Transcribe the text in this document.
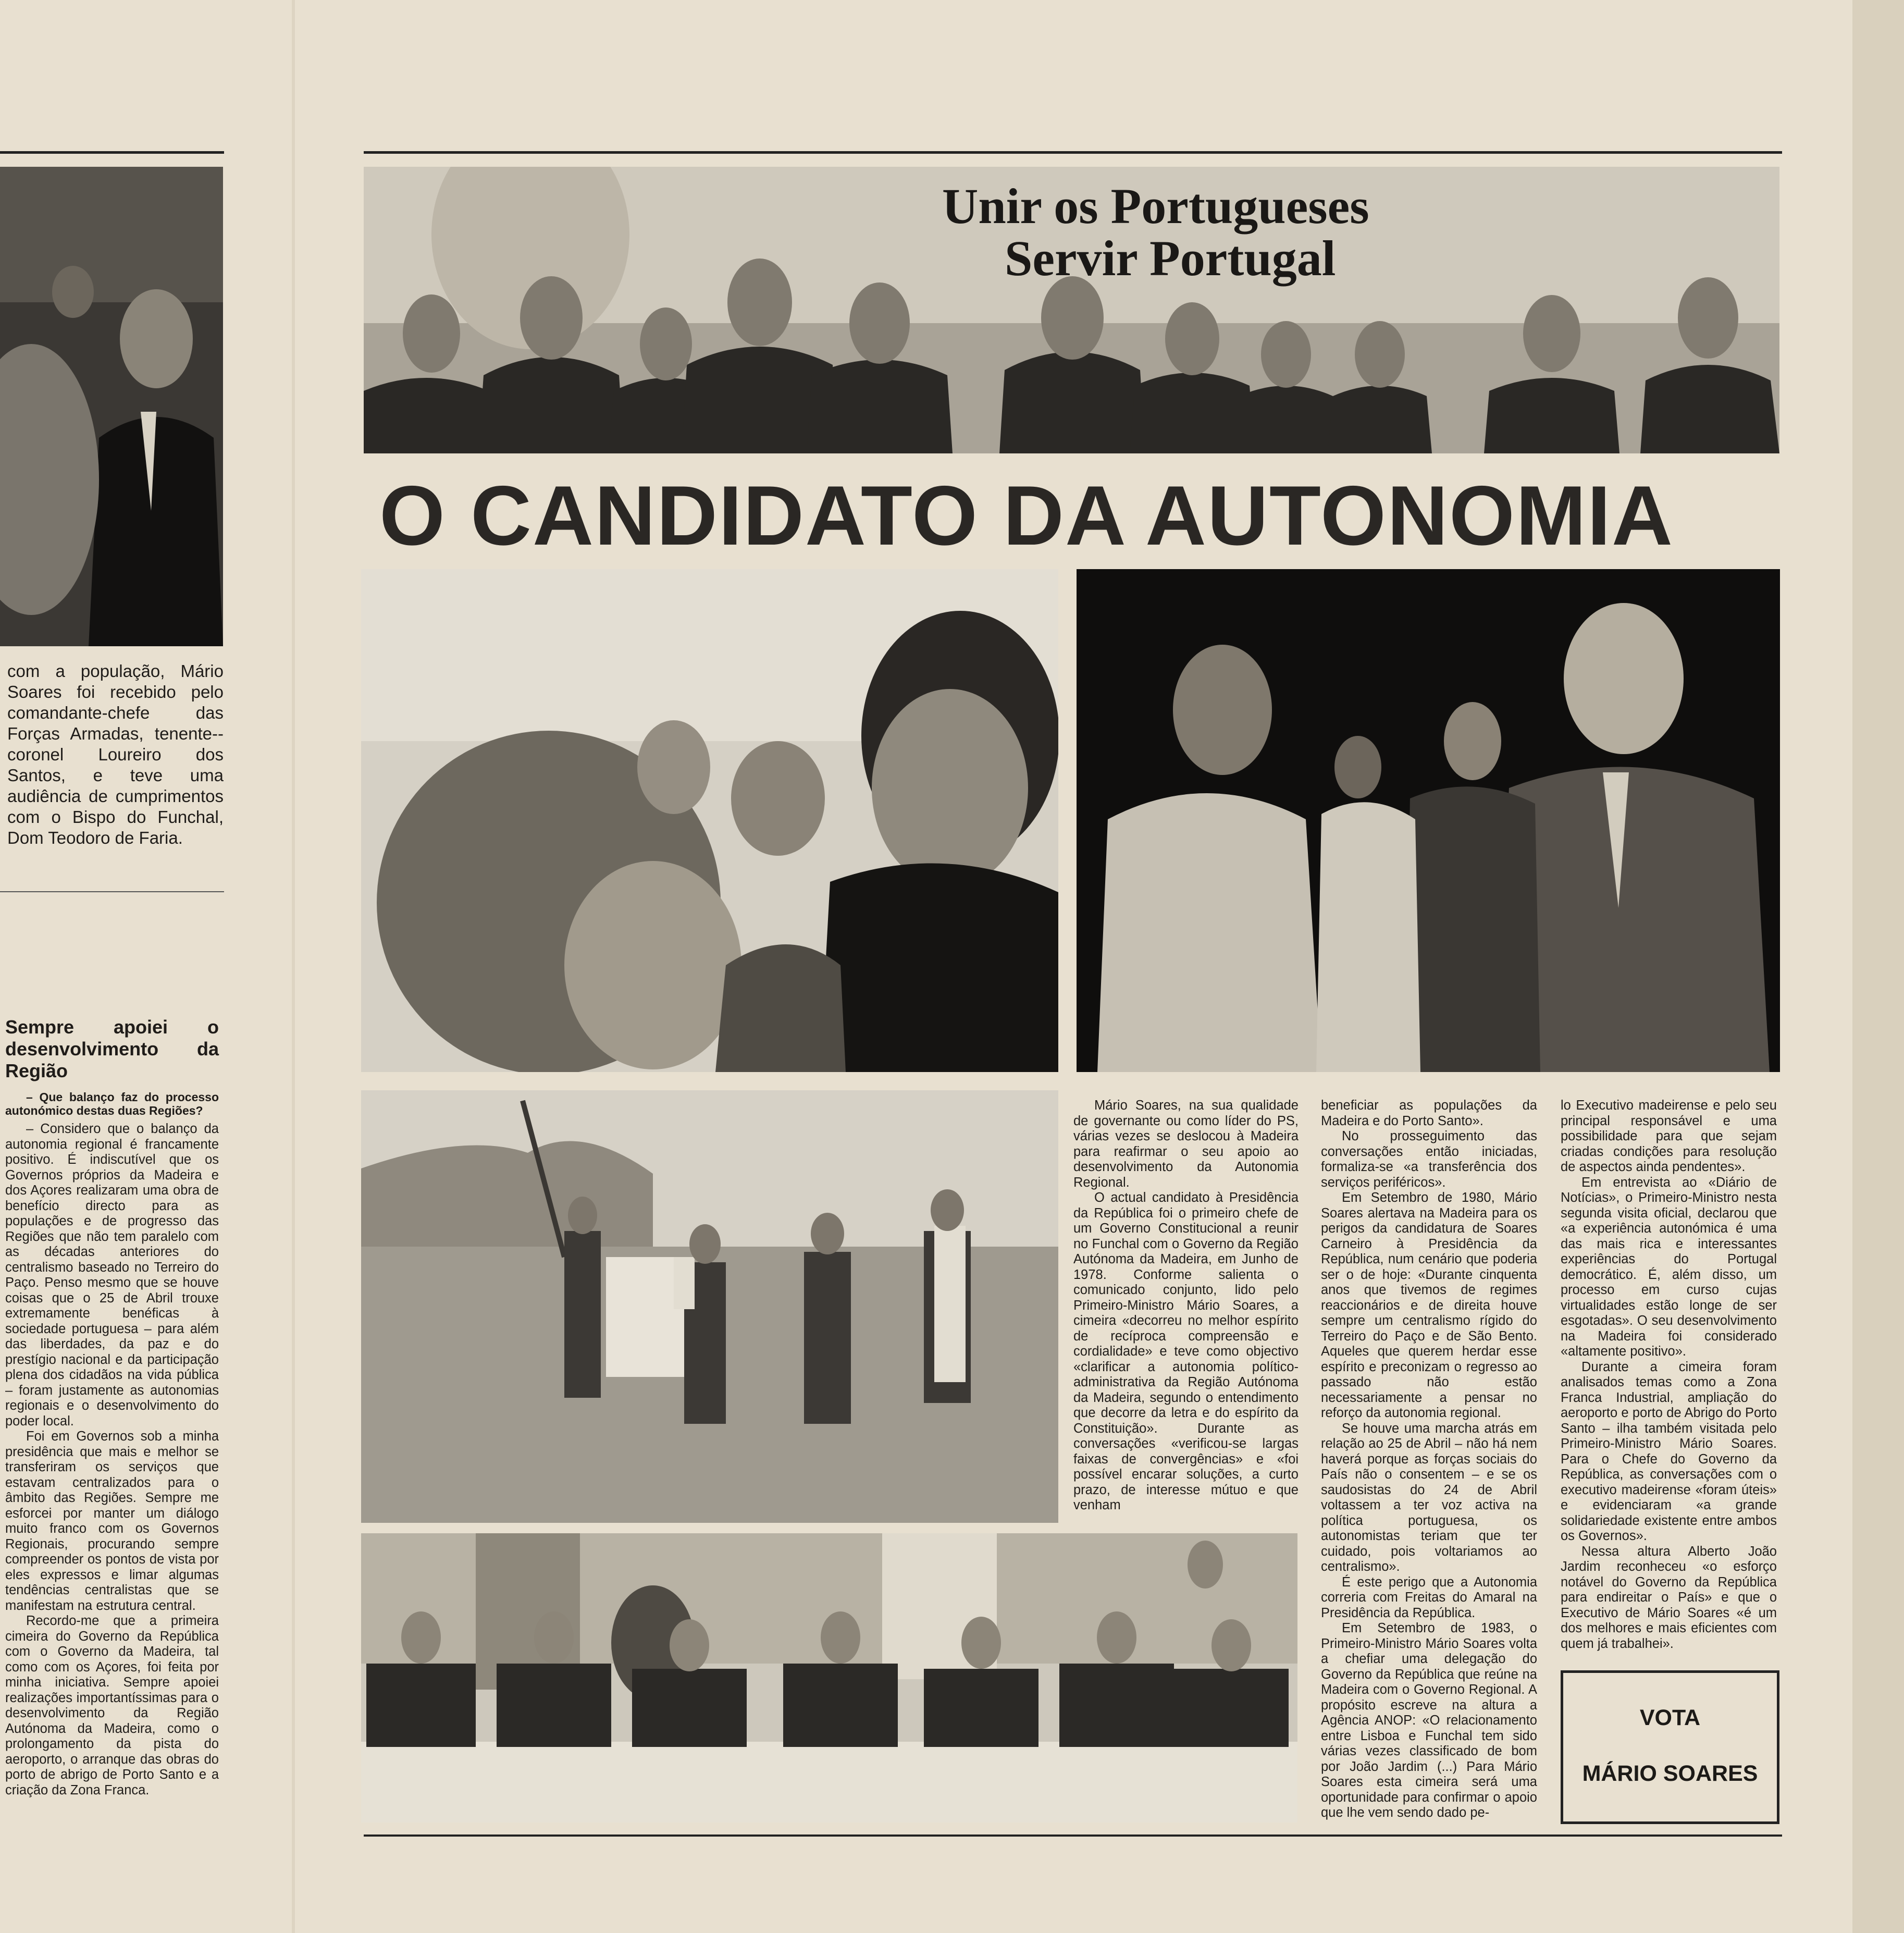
com a população, Mário Soares foi recebido pelo comandante-chefe das Forças Armadas, tenente--coronel Loureiro dos Santos, e teve uma audiência de cumprimentos com o Bispo do Funchal, Dom Teodoro de Faria.
Sempre apoiei o desenvolvimento da Região
– Que balanço faz do processo autonómico destas duas Regiões?

– Considero que o balanço da autonomia regional é francamente positivo. É indiscutível que os Governos próprios da Madeira e dos Açores realizaram uma obra de benefício directo para as populações e de progresso das Regiões que não tem paralelo com as décadas anteriores do centralismo baseado no Terreiro do Paço. Penso mesmo que se houve coisas que o 25 de Abril trouxe extremamente benéficas à sociedade portuguesa – para além das liberdades, da paz e do prestígio nacional e da participação plena dos cidadãos na vida pública – foram justamente as autonomias regionais e o desenvolvimento do poder local.

Foi em Governos sob a minha presidência que mais e melhor se transferiram os serviços que estavam centralizados para o âmbito das Regiões. Sempre me esforcei por manter um diálogo muito franco com os Governos Regionais, procurando sempre compreender os pontos de vista por eles expressos e limar algumas tendências centralistas que se manifestam na estrutura central.

Recordo-me que a primeira cimeira do Governo da República com o Governo da Madeira, tal como com os Açores, foi feita por minha iniciativa. Sempre apoiei realizações importantíssimas para o desenvolvimento da Região Autónoma da Madeira, como o prolongamento da pista do aeroporto, o arranque das obras do porto de abrigo de Porto Santo e a criação da Zona Franca.

Unir os Portugueses
Servir Portugal
O CANDIDATO DA AUTONOMIA

Mário Soares, na sua qualidade de governante ou como líder do PS, várias vezes se deslocou à Madeira para reafirmar o seu apoio ao desenvolvimento da Autonomia Regional.

O actual candidato à Presidência da República foi o primeiro chefe de um Governo Constitucional a reunir no Funchal com o Governo da Região Autónoma da Madeira, em Junho de 1978. Conforme salienta o comunicado conjunto, lido pelo Primeiro-Ministro Mário Soares, a cimeira «decorreu no melhor espírito de recíproca compreensão e cordialidade» e teve como objectivo «clarificar a autonomia político-administrativa da Região Autónoma da Madeira, segundo o entendimento que decorre da letra e do espírito da Constituição». Durante as conversações «verificou-se largas faixas de convergências» e «foi possível encarar soluções, a curto prazo, de interesse mútuo e que venham

beneficiar as populações da Madeira e do Porto Santo».

No prosseguimento das conversações então iniciadas, formaliza-se «a transferência dos serviços periféricos».

Em Setembro de 1980, Mário Soares alertava na Madeira para os perigos da candidatura de Soares Carneiro à Presidência da República, num cenário que poderia ser o de hoje: «Durante cinquenta anos que tivemos de regimes reaccionários e de direita houve sempre um centralismo rígido do Terreiro do Paço e de São Bento. Aqueles que querem herdar esse espírito e preconizam o regresso ao passado não estão necessariamente a pensar no reforço da autonomia regional.

Se houve uma marcha atrás em relação ao 25 de Abril – não há nem haverá porque as forças sociais do País não o consentem – e se os saudosistas do 24 de Abril voltassem a ter voz activa na política portuguesa, os autonomistas teriam que ter cuidado, pois voltariamos ao centralismo».

É este perigo que a Autonomia correria com Freitas do Amaral na Presidência da República.

Em Setembro de 1983, o Primeiro-Ministro Mário Soares volta a chefiar uma delegação do Governo da República que reúne na Madeira com o Governo Regional. A propósito escreve na altura a Agência ANOP: «O relacionamento entre Lisboa e Funchal tem sido várias vezes classificado de bom por João Jardim (...) Para Mário Soares esta cimeira será uma oportunidade para confirmar o apoio que lhe vem sendo dado pe-

lo Executivo madeirense e pelo seu principal responsável e uma possibilidade para que sejam criadas condições para resolução de aspectos ainda pendentes».

Em entrevista ao «Diário de Notícias», o Primeiro-Ministro nesta segunda visita oficial, declarou que «a experiência autonómica é uma das mais rica e interessantes experiências do Portugal democrático. É, além disso, um processo em curso cujas virtualidades estão longe de ser esgotadas». O seu desenvolvimento na Madeira foi considerado «altamente positivo».

Durante a cimeira foram analisados temas como a Zona Franca Industrial, ampliação do aeroporto e porto de Abrigo do Porto Santo – ilha também visitada pelo Primeiro-Ministro Mário Soares. Para o Chefe do Governo da República, as conversações com o executivo madeirense «foram úteis» e evidenciaram «a grande solidariedade existente entre ambos os Governos».

Nessa altura Alberto João Jardim reconheceu «o esforço notável do Governo da República para endireitar o País» e que o Executivo de Mário Soares «é um dos melhores e mais eficientes com quem já trabalhei».

VOTA
MÁRIO SOARES
